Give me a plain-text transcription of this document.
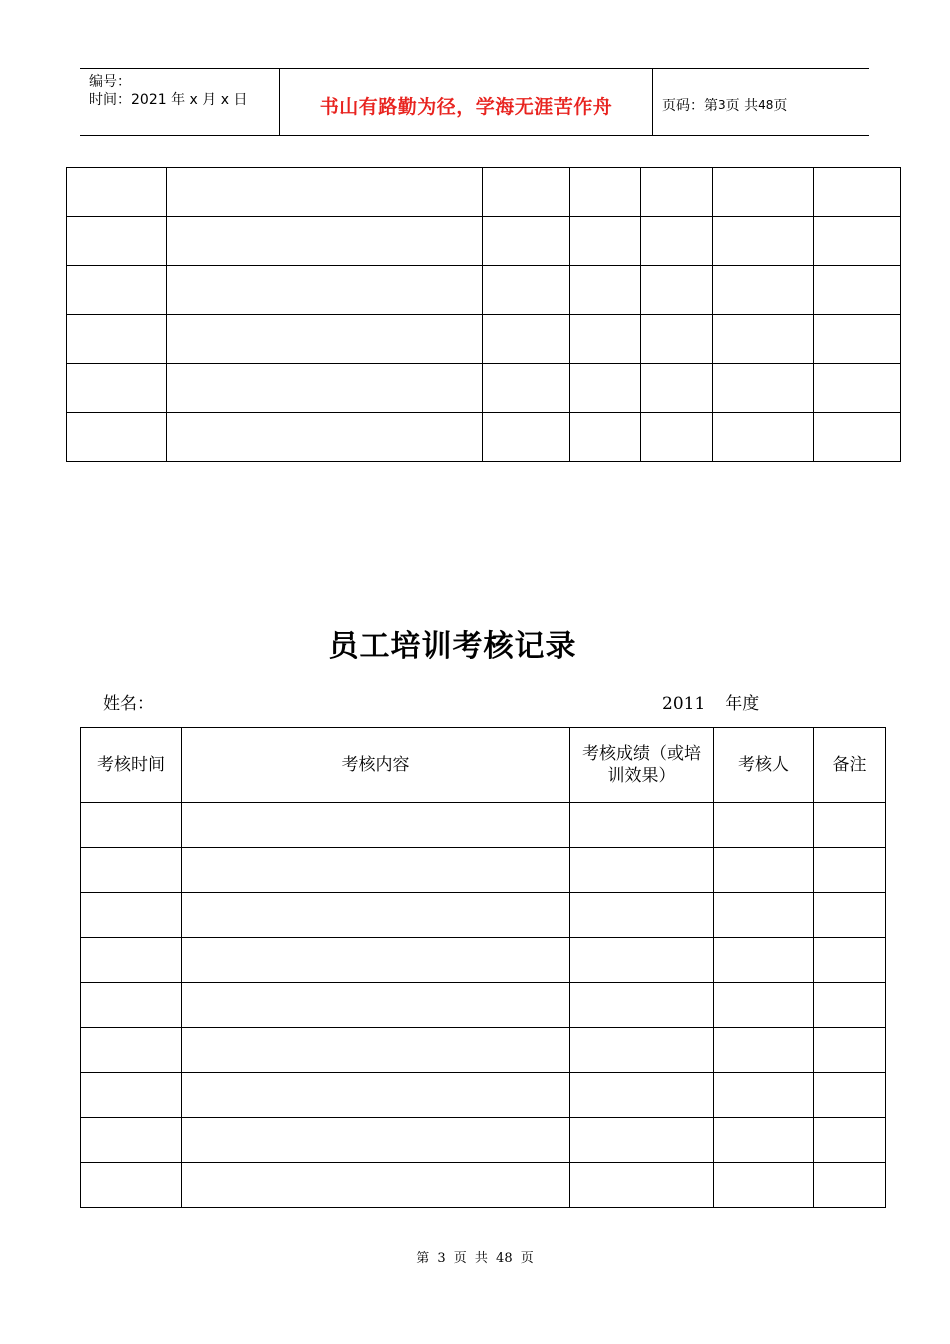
编号：
时间：2021 年 x 月 x 日	书山有路勤为径，学海无涯苦作舟	页码：第 3 页 共 48 页

员工培训考核记录
姓名：	2011 年度
考核时间	考核内容	考核成绩（或培训效果）	考核人	备注

第 3 页 共 48 页
